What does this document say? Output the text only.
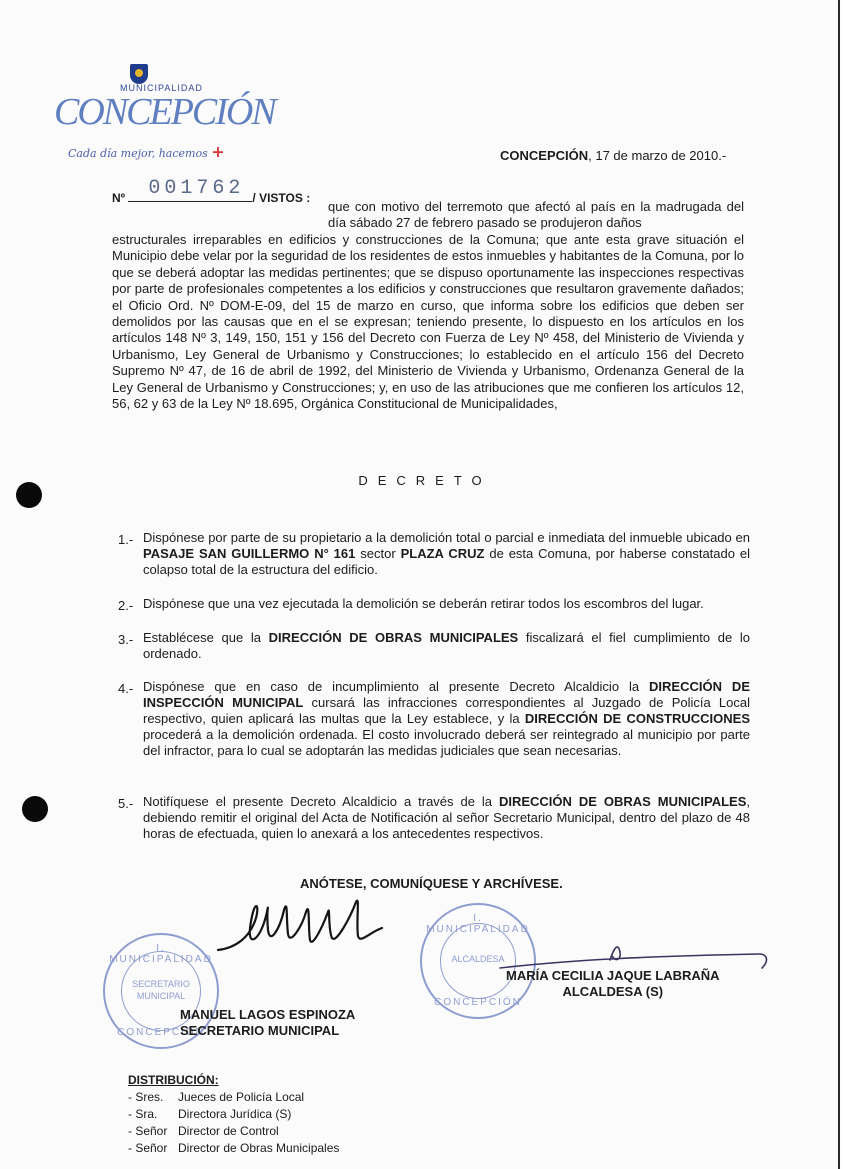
MUNICIPALIDAD
CONCEPCIÓN
Cada día mejor, hacemos +	CONCEPCIÓN, 17 de marzo de 2010.-
Nº 001762 / VISTOS :
que con motivo del terremoto que afectó al país en la madrugada del día sábado 27 de febrero pasado se produjeron daños
estructurales irreparables en edificios y construcciones de la Comuna; que ante esta grave situación el Municipio debe velar por la seguridad de los residentes de estos inmuebles y habitantes de la Comuna, por lo que se deberá adoptar las medidas pertinentes; que se dispuso oportunamente las inspecciones respectivas por parte de profesionales competentes a los edificios y construcciones que resultaron gravemente dañados; el Oficio Ord. Nº DOM-E-09, del 15 de marzo en curso, que informa sobre los edificios que deben ser demolidos por las causas que en el se expresan; teniendo presente, lo dispuesto en los artículos en los artículos 148 Nº 3, 149, 150, 151 y 156 del Decreto con Fuerza de Ley Nº 458, del Ministerio de Vivienda y Urbanismo, Ley General de Urbanismo y Construcciones; lo establecido en el artículo 156 del Decreto Supremo Nº 47, de 16 de abril de 1992, del Ministerio de Vivienda y Urbanismo, Ordenanza General de la Ley General de Urbanismo y Construcciones; y, en uso de las atribuciones que me confieren los artículos 12, 56, 62 y 63 de la Ley Nº 18.695, Orgánica Constitucional de Municipalidades,
DECRETO
1.- Dispónese por parte de su propietario a la demolición total o parcial e inmediata del inmueble ubicado en PASAJE SAN GUILLERMO N° 161 sector PLAZA CRUZ de esta Comuna, por haberse constatado el colapso total de la estructura del edificio.
2.- Dispónese que una vez ejecutada la demolición se deberán retirar todos los escombros del lugar.
3.- Establécese que la DIRECCIÓN DE OBRAS MUNICIPALES fiscalizará el fiel cumplimiento de lo ordenado.
4.- Dispónese que en caso de incumplimiento al presente Decreto Alcaldicio la DIRECCIÓN DE INSPECCIÓN MUNICIPAL cursará las infracciones correspondientes al Juzgado de Policía Local respectivo, quien aplicará las multas que la Ley establece, y la DIRECCIÓN DE CONSTRUCCIONES procederá a la demolición ordenada. El costo involucrado deberá ser reintegrado al municipio por parte del infractor, para lo cual se adoptarán las medidas judiciales que sean necesarias.
5.- Notifíquese el presente Decreto Alcaldicio a través de la DIRECCIÓN DE OBRAS MUNICIPALES, debiendo remitir el original del Acta de Notificación al señor Secretario Municipal, dentro del plazo de 48 horas de efectuada, quien lo anexará a los antecedentes respectivos.
ANÓTESE, COMUNÍQUESE Y ARCHÍVESE.
I. MUNICIPALIDAD
SECRETARIO
MUNICIPAL
CONCEPCIÓN
I. MUNICIPALIDAD
ALCALDESA
CONCEPCIÓN
MARÍA CECILIA JAQUE LABRAÑA
ALCALDESA (S)
MANUEL LAGOS ESPINOZA
SECRETARIO MUNICIPAL
DISTRIBUCIÓN:
- Sres.	Jueces de Policía Local
- Sra.	Directora Jurídica (S)
- Señor Director de Control
- Señor Director de Obras Municipales
